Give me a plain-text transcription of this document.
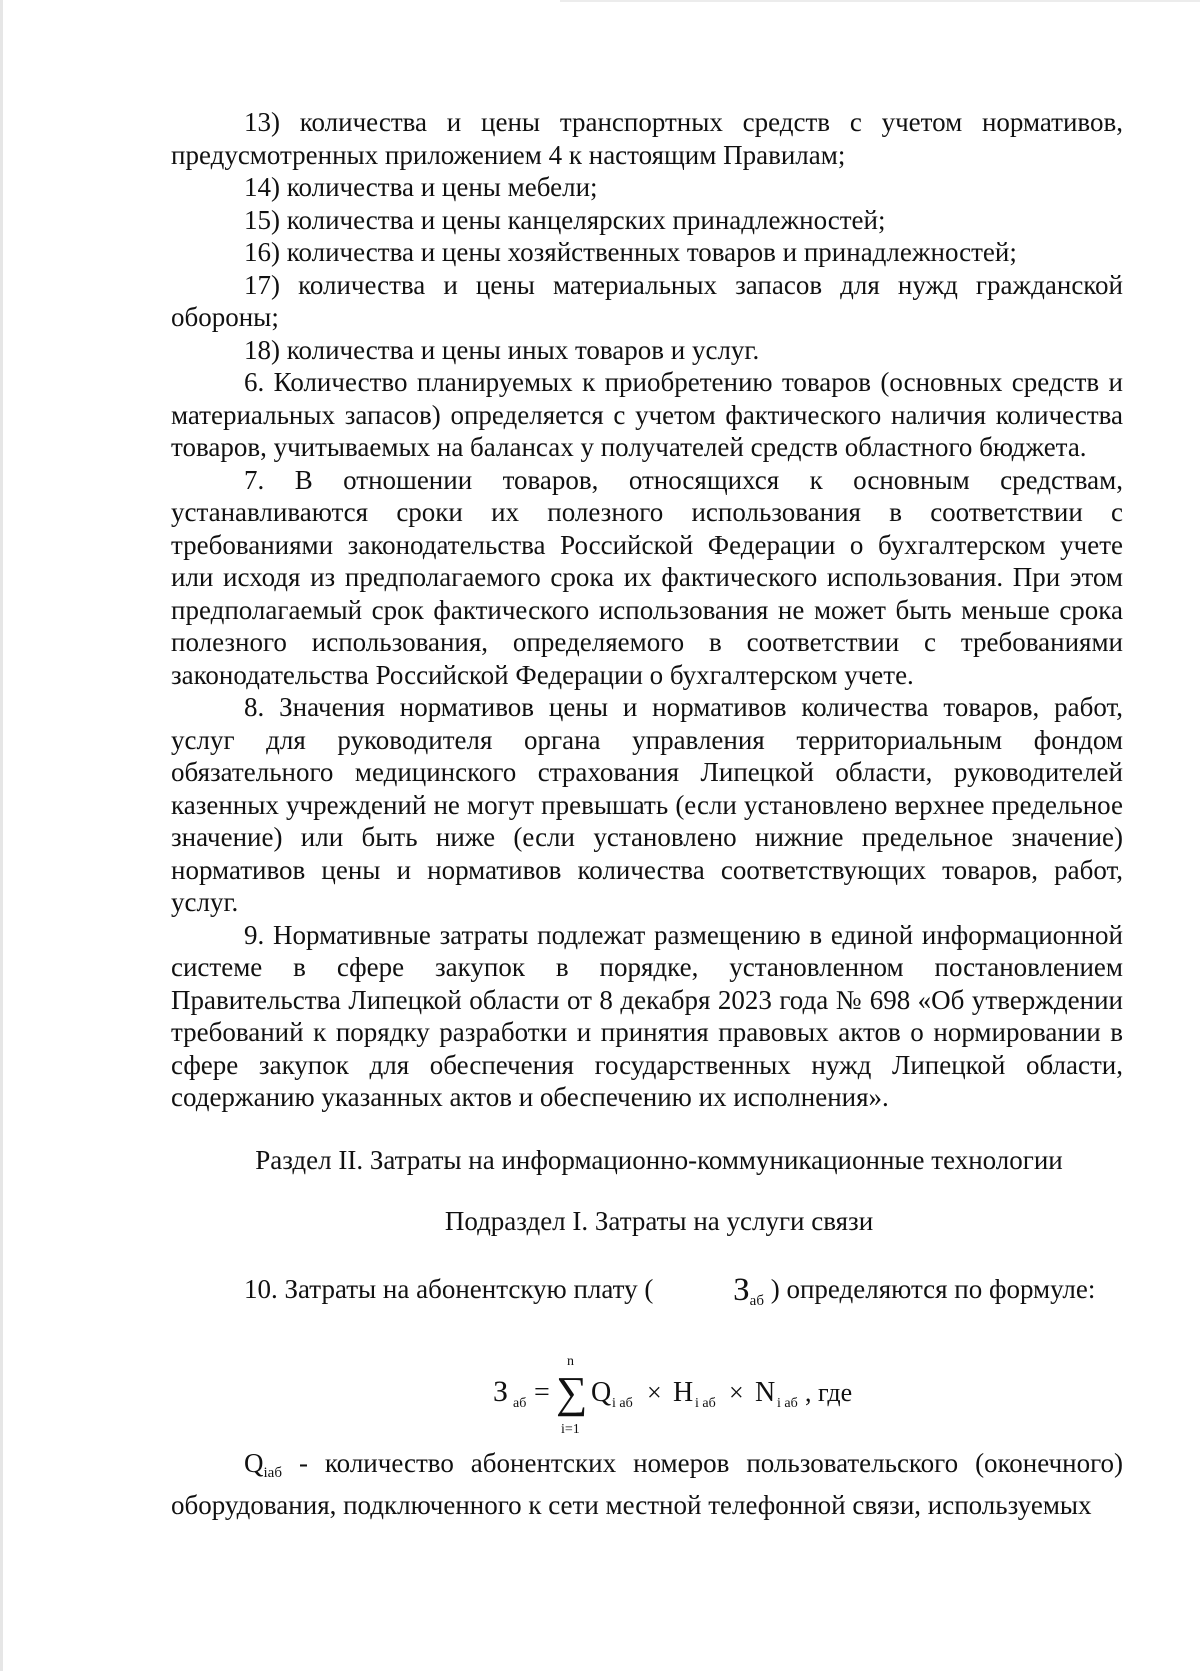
13) количества и цены транспортных средств с учетом нормативов, предусмотренных приложением 4 к настоящим Правилам;

14) количества и цены мебели;

15) количества и цены канцелярских принадлежностей;

16) количества и цены хозяйственных товаров и принадлежностей;

17) количества и цены материальных запасов для нужд гражданской обороны;

18) количества и цены иных товаров и услуг.

6. Количество планируемых к приобретению товаров (основных средств и материальных запасов) определяется с учетом фактического наличия количества товаров, учитываемых на балансах у получателей средств областного бюджета.

7. В отношении товаров, относящихся к основным средствам, устанавливаются сроки их полезного использования в соответствии с требованиями законодательства Российской Федерации о бухгалтерском учете или исходя из предполагаемого срока их фактического использования. При этом предполагаемый срок фактического использования не может быть меньше срока полезного использования, определяемого в соответствии с требованиями законодательства Российской Федерации о бухгалтерском учете.

8. Значения нормативов цены и нормативов количества товаров, работ, услуг для руководителя органа управления территориальным фондом обязательного медицинского страхования Липецкой области, руководителей казенных учреждений не могут превышать (если установлено верхнее предельное значение) или быть ниже (если установлено нижние предельное значение) нормативов цены и нормативов количества соответствующих товаров, работ, услуг.

9. Нормативные затраты подлежат размещению в единой информационной системе в сфере закупок в порядке, установленном постановлением Правительства Липецкой области от 8 декабря 2023 года № 698 «Об утверждении требований к порядку разработки и принятия правовых актов о нормировании в сфере закупок для обеспечения государственных нужд Липецкой области, содержанию указанных актов и обеспечению их исполнения».

Раздел II. Затраты на информационно-коммуникационные технологии

Подраздел I. Затраты на услуги связи

10. Затраты на абонентскую плату ( $З_{аб}$ ) определяются по формуле:

З аб = ∑
n
i=1
Q i аб × H i аб × N i аб , где

$Q_{iаб}$ - количество абонентских номеров пользовательского (оконечного) оборудования, подключенного к сети местной телефонной связи, используемых
